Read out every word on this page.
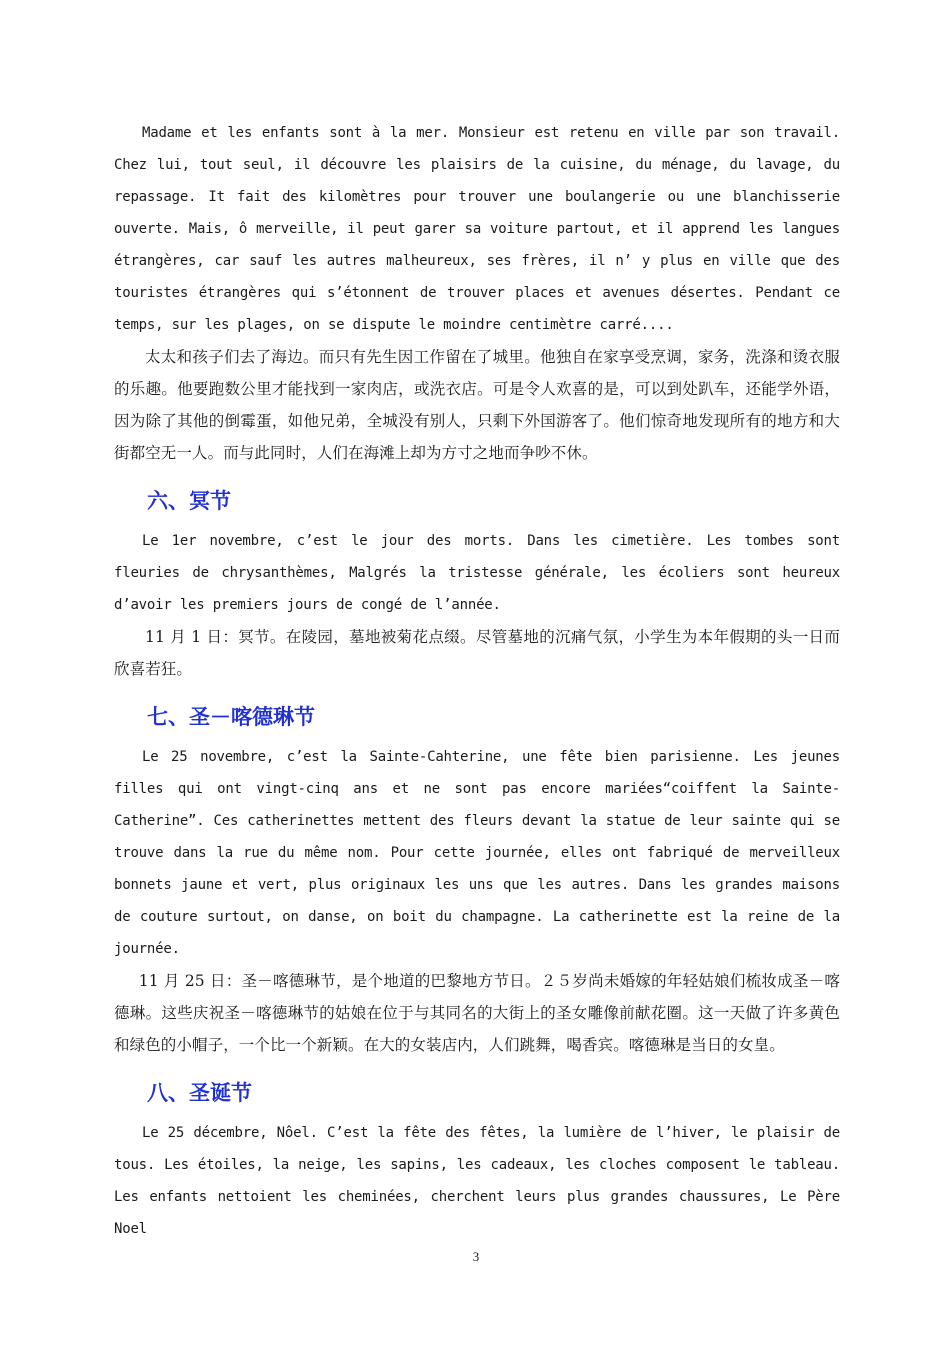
Madame et les enfants sont à la mer. Monsieur est retenu en ville par son travail. Chez lui, tout seul, il découvre les plaisirs de la cuisine, du ménage, du lavage, du repassage. It fait des kilomètres pour trouver une boulangerie ou une blanchisserie ouverte. Mais, ô merveille, il peut garer sa voiture partout, et il apprend les langues étrangères, car sauf les autres malheureux, ses frères, il n’ y plus en ville que des touristes étrangères qui s’étonnent de trouver places et avenues désertes. Pendant ce temps, sur les plages, on se dispute le moindre centimètre carré....

太太和孩子们去了海边。而只有先生因工作留在了城里。他独自在家享受烹调，家务，洗涤和烫衣服的乐趣。他要跑数公里才能找到一家肉店，或洗衣店。可是令人欢喜的是，可以到处趴车，还能学外语，因为除了其他的倒霉蛋，如他兄弟，全城没有别人，只剩下外国游客了。他们惊奇地发现所有的地方和大街都空无一人。而与此同时，人们在海滩上却为方寸之地而争吵不休。

六、冥节

Le 1er novembre, c’est le jour des morts. Dans les cimetière. Les tombes sont fleuries de chrysanthèmes, Malgrés la tristesse générale, les écoliers sont heureux d’avoir les premiers jours de congé de l’année.

11 月 1 日：冥节。在陵园，墓地被菊花点缀。尽管墓地的沉痛气氛，小学生为本年假期的头一日而欣喜若狂。

七、圣－喀德琳节

Le 25 novembre, c’est la Sainte-Cahterine, une fête bien parisienne. Les jeunes filles qui ont vingt-cinq ans et ne sont pas encore mariées“coiffent la Sainte-Catherine”. Ces catherinettes mettent des fleurs devant la statue de leur sainte qui se trouve dans la rue du même nom. Pour cette journée, elles ont fabriqué de merveilleux bonnets jaune et vert, plus originaux les uns que les autres. Dans les grandes maisons de couture surtout, on danse, on boit du champagne. La catherinette est la reine de la journée.

11 月 25 日：圣－喀德琳节，是个地道的巴黎地方节日。２５岁尚未婚嫁的年轻姑娘们梳妆成圣－喀德琳。这些庆祝圣－喀德琳节的姑娘在位于与其同名的大街上的圣女雕像前献花圈。这一天做了许多黄色和绿色的小帽子，一个比一个新颖。在大的女装店内，人们跳舞，喝香宾。喀德琳是当日的女皇。

八、圣诞节

Le 25 décembre, Nôel. C’est la fête des fêtes, la lumière de l’hiver, le plaisir de tous. Les étoiles, la neige, les sapins, les cadeaux, les cloches composent le tableau. Les enfants nettoient les cheminées, cherchent leurs plus grandes chaussures, Le Père Noel

3
